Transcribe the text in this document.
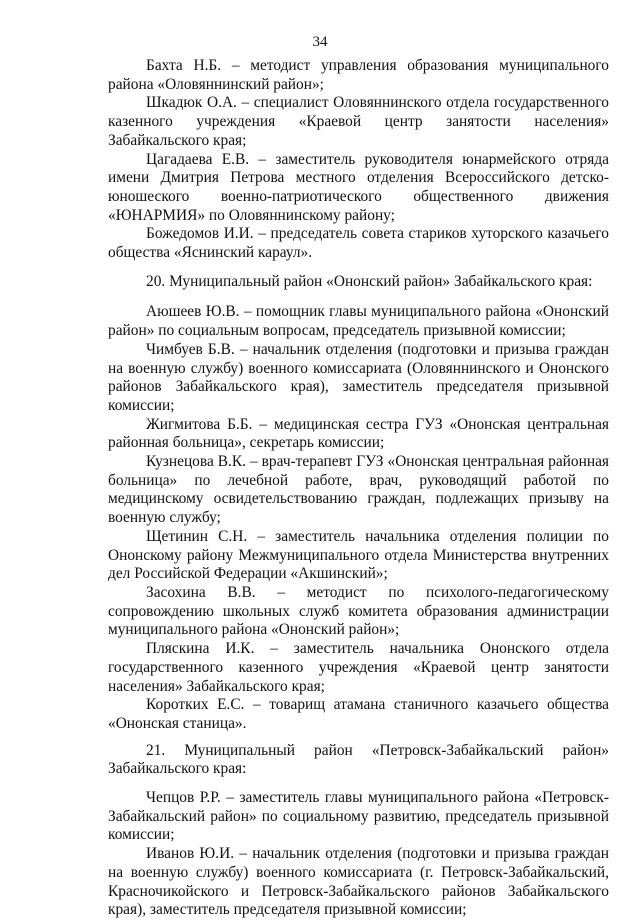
34

Бахта Н.Б. – методист управления образования муниципального района «Оловяннинский район»;

Шкадюк О.А. – специалист Оловяннинского отдела государственного казенного учреждения «Краевой центр занятости населения» Забайкальского края;

Цагадаева Е.В. – заместитель руководителя юнармейского отряда имени Дмитрия Петрова местного отделения Всероссийского детско-юношеского военно-патриотического общественного движения «ЮНАРМИЯ» по Оловяннинскому району;

Божедомов И.И. – председатель совета стариков хуторского казачьего общества «Яснинский караул».

20. Муниципальный район «Ононский район» Забайкальского края:

Аюшеев Ю.В. – помощник главы муниципального района «Ононский район» по социальным вопросам, председатель призывной комиссии;

Чимбуев Б.В. – начальник отделения (подготовки и призыва граждан на военную службу) военного комиссариата (Оловяннинского и Ононского районов Забайкальского края), заместитель председателя призывной комиссии;

Жигмитова Б.Б. – медицинская сестра ГУЗ «Ононская центральная районная больница», секретарь комиссии;

Кузнецова В.К. – врач-терапевт ГУЗ «Ононская центральная районная больница» по лечебной работе, врач, руководящий работой по медицинскому освидетельствованию граждан, подлежащих призыву на военную службу;

Щетинин С.Н. – заместитель начальника отделения полиции по Ононскому району Межмуниципального отдела Министерства внутренних дел Российской Федерации «Акшинский»;

Засохина В.В. – методист по психолого-педагогическому сопровождению школьных служб комитета образования администрации муниципального района «Ононский район»;

Пляскина И.К. – заместитель начальника Ононского отдела государственного казенного учреждения «Краевой центр занятости населения» Забайкальского края;

Коротких Е.С. – товарищ атамана станичного казачьего общества «Ононская станица».

21. Муниципальный район «Петровск-Забайкальский район» Забайкальского края:

Чепцов Р.Р. – заместитель главы муниципального района «Петровск-Забайкальский район» по социальному развитию, председатель призывной комиссии;

Иванов Ю.И. – начальник отделения (подготовки и призыва граждан на военную службу) военного комиссариата (г. Петровск-Забайкальский, Красночикойского и Петровск-Забайкальского районов Забайкальского края), заместитель председателя призывной комиссии;
